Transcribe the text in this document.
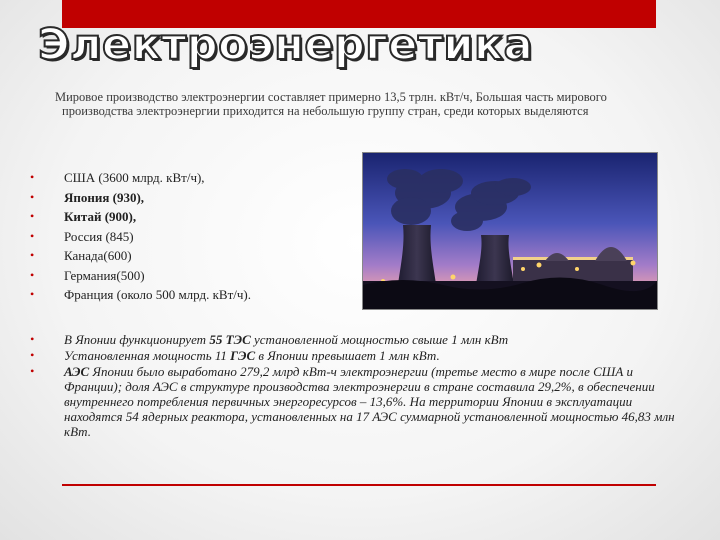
Электроэнергетика

Мировое производство электроэнергии составляет примерно 13,5 трлн. кВт/ч, Большая часть мирового производства электроэнергии приходится на небольшую группу стран, среди которых выделяются

• США (3600 млрд. кВт/ч),
• Япония (930),
• Китай (900),
• Россия (845)
• Канада(600)
• Германия(500)
• Франция (около 500 млрд. кВт/ч).
• В Японии функционирует 55 ТЭС установленной мощностью свыше 1 млн кВт
• Установленная мощность 11 ГЭС в Японии превышает 1 млн кВт.
• АЭС Японии было выработано 279,2 млрд кВт-ч электроэнергии (третье место в мире после США и Франции); доля АЭС в структуре производства электроэнергии в стране составила 29,2%, в обеспечении внутреннего потребления первичных энергоресурсов – 13,6%. На территории Японии в эксплуатации находятся 54 ядерных реактора, установленных на 17 АЭС суммарной установленной мощностью 46,83 млн кВт.
